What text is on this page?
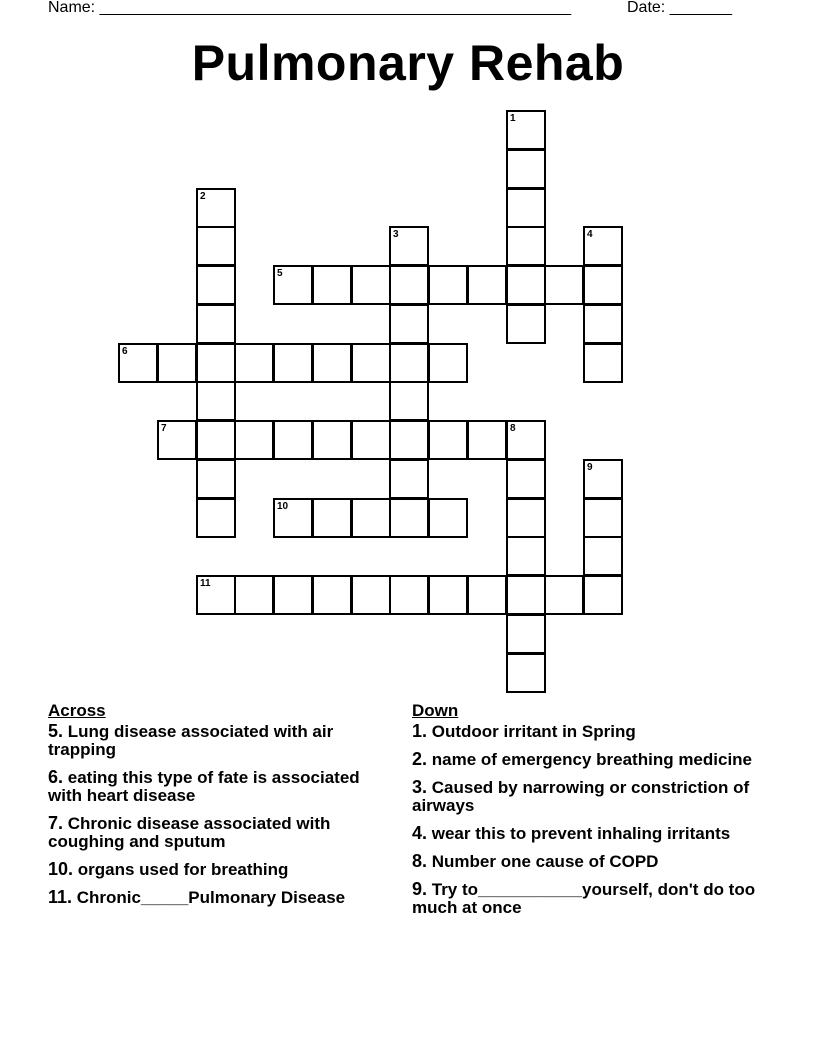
Name: _____________________________________________________	Date: _______
Pulmonary Rehab
1
2
3	4
5
6
7	8
9
10
11
Across
5. Lung disease associated with air trapping
6. eating this type of fate is associated with heart disease
7. Chronic disease associated with coughing and sputum
10. organs used for breathing
11. Chronic_____Pulmonary Disease
Down
1. Outdoor irritant in Spring
2. name of emergency breathing medicine
3. Caused by narrowing or constriction of airways
4. wear this to prevent inhaling irritants
8. Number one cause of COPD
9. Try to___________yourself, don't do too much at once
